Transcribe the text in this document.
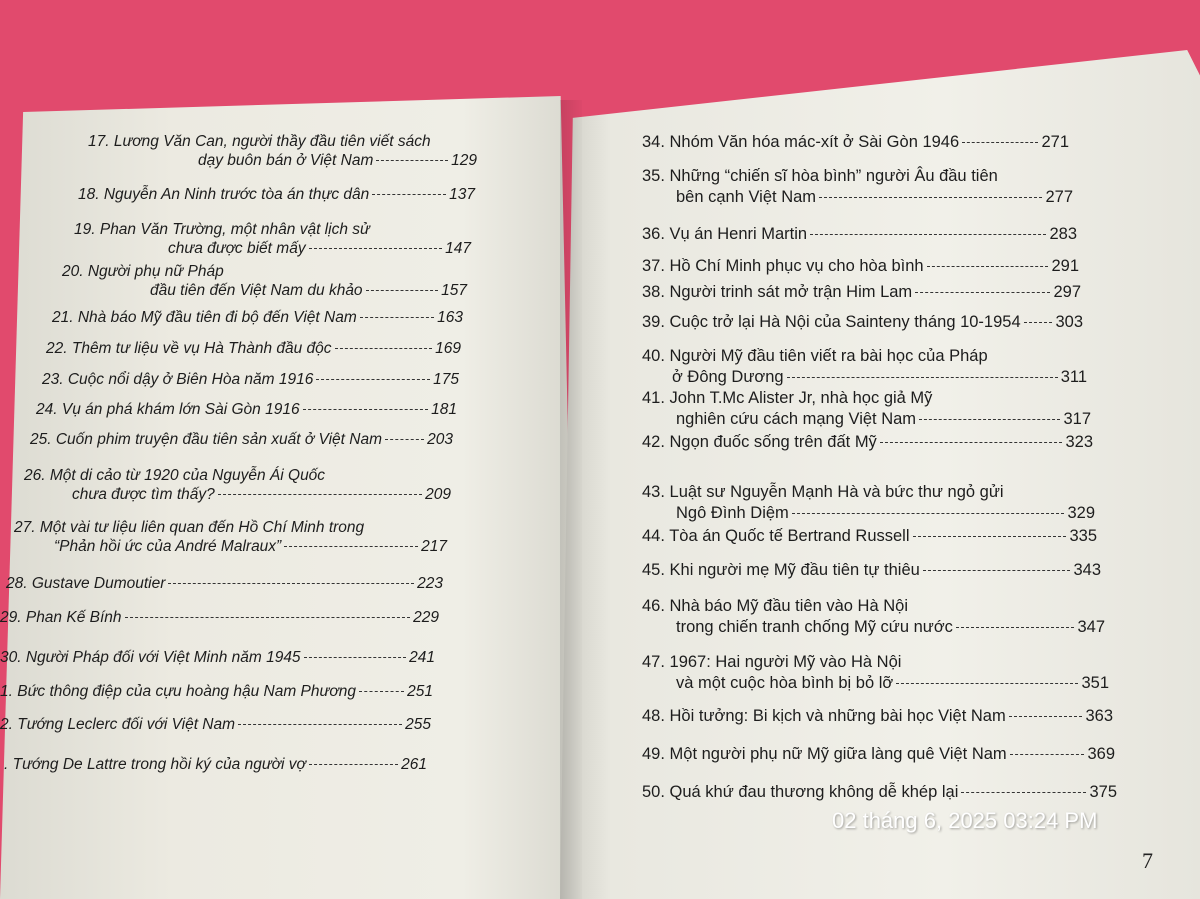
17. Lương Văn Can, người thầy đầu tiên viết sách
dạy buôn bán ở Việt Nam	129
18. Nguyễn An Ninh trước tòa án thực dân	137
19. Phan Văn Trường, một nhân vật lịch sử
chưa được biết mấy	147
20. Người phụ nữ Pháp
đầu tiên đến Việt Nam du khảo	157
21. Nhà báo Mỹ đầu tiên đi bộ đến Việt Nam	163
22. Thêm tư liệu về vụ Hà Thành đầu độc	169
23. Cuộc nổi dậy ở Biên Hòa năm 1916	175
24. Vụ án phá khám lớn Sài Gòn 1916	181
25. Cuốn phim truyện đầu tiên sản xuất ở Việt Nam	203
26. Một di cảo từ 1920 của Nguyễn Ái Quốc
chưa được tìm thấy?	209
27. Một vài tư liệu liên quan đến Hồ Chí Minh trong
“Phản hồi ức của André Malraux”	217
28. Gustave Dumoutier	223
29. Phan Kế Bính	229
30. Người Pháp đối với Việt Minh năm 1945	241
1. Bức thông điệp của cựu hoàng hậu Nam Phương	251
2. Tướng Leclerc đối với Việt Nam	255
. Tướng De Lattre trong hồi ký của người vợ	261
34. Nhóm Văn hóa mác-xít ở Sài Gòn 1946	271
35. Những “chiến sĩ hòa bình” người Âu đầu tiên
bên cạnh Việt Nam	277
36. Vụ án Henri Martin	283
37. Hồ Chí Minh phục vụ cho hòa bình	291
38. Người trinh sát mở trận Him Lam	297
39. Cuộc trở lại Hà Nội của Sainteny tháng 10-1954 303
40. Người Mỹ đầu tiên viết ra bài học của Pháp
ở Đông Dương	311
41. John T.Mc Alister Jr, nhà học giả Mỹ
nghiên cứu cách mạng Việt Nam	317
42. Ngọn đuốc sống trên đất Mỹ	323
43. Luật sư Nguyễn Mạnh Hà và bức thư ngỏ gửi
Ngô Đình Diệm	329
44. Tòa án Quốc tế Bertrand Russell	335
45. Khi người mẹ Mỹ đầu tiên tự thiêu	343
46. Nhà báo Mỹ đầu tiên vào Hà Nội
trong chiến tranh chống Mỹ cứu nước	347
47. 1967: Hai người Mỹ vào Hà Nội
và một cuộc hòa bình bị bỏ lỡ	351
48. Hồi tưởng: Bi kịch và những bài học Việt Nam	363
49. Một người phụ nữ Mỹ giữa làng quê Việt Nam	369
50. Quá khứ đau thương không dễ khép lại	375
02 tháng 6, 2025 03:24 PM
7
